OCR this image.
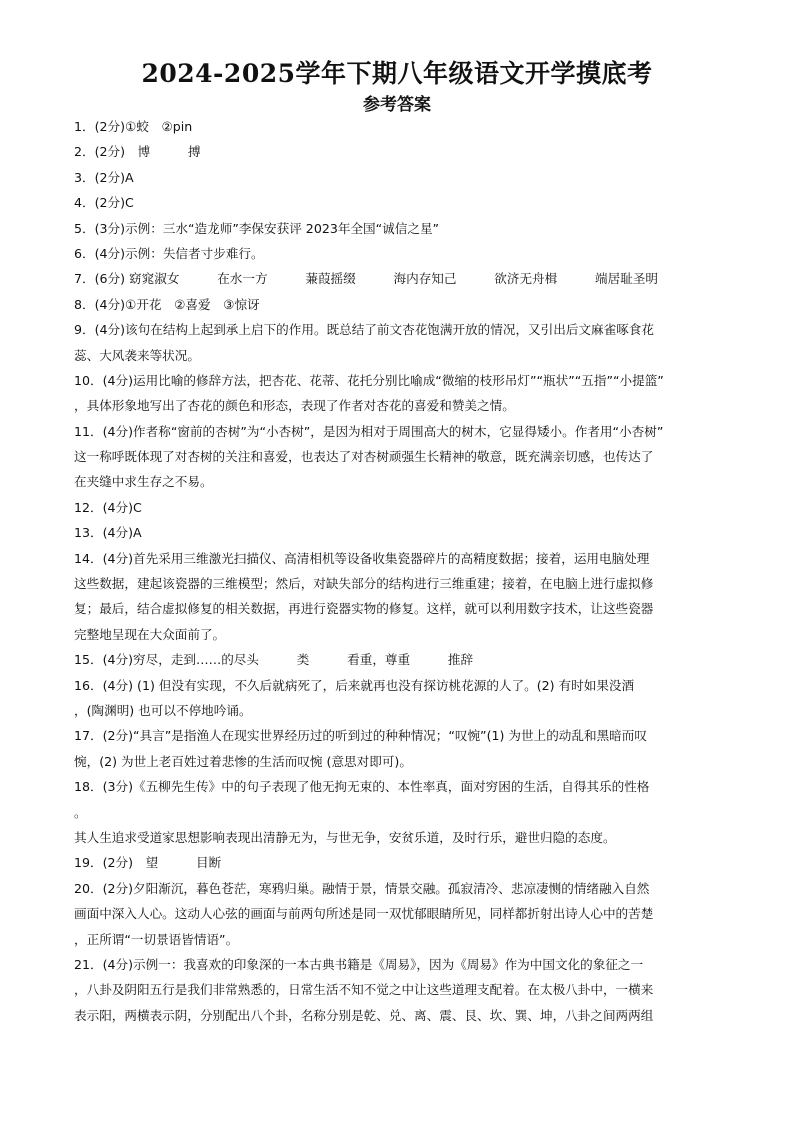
2024-2025学年下期八年级语文开学摸底考
参考答案
1．(2分)①蛟　②pin
2．(2分)　博　　　搏
3．(2分)A
4．(2分)C
5．(3分)示例：三水“造龙师”李保安获评 2023年全国“诚信之星”
6．(4分)示例：失信者寸步难行。
7．(6分) 窈窕淑女　　　在水一方　　　蒹葭摇缀　　　海内存知己　　　欲济无舟楫　　　端居耻圣明
8．(4分)①开花　②喜爱　③惊讶
9．(4分)该句在结构上起到承上启下的作用。既总结了前文杏花饱满开放的情况，又引出后文麻雀啄食花
蕊、大风袭来等状况。
10．(4分)运用比喻的修辞方法，把杏花、花蒂、花托分别比喻成“微缩的枝形吊灯”“瓶状”“五指”“小提篮”
，具体形象地写出了杏花的颜色和形态，表现了作者对杏花的喜爱和赞美之情。
11．(4分)作者称“窗前的杏树”为“小杏树”，是因为相对于周围高大的树木，它显得矮小。作者用“小杏树”
这一称呼既体现了对杏树的关注和喜爱，也表达了对杏树顽强生长精神的敬意，既充满亲切感，也传达了
在夹缝中求生存之不易。
12．(4分)C
13．(4分)A
14．(4分)首先采用三维激光扫描仪、高清相机等设备收集瓷器碎片的高精度数据；接着，运用电脑处理
这些数据，建起该瓷器的三维模型；然后，对缺失部分的结构进行三维重建；接着，在电脑上进行虚拟修
复；最后，结合虚拟修复的相关数据，再进行瓷器实物的修复。这样，就可以利用数字技术，让这些瓷器
完整地呈现在大众面前了。
15．(4分)穷尽，走到……的尽头　　　类　　　看重，尊重　　　推辞
16．(4分) (1) 但没有实现，不久后就病死了，后来就再也没有探访桃花源的人了。(2) 有时如果没酒
，(陶渊明) 也可以不停地吟诵。
17．(2分)“具言”是指渔人在现实世界经历过的听到过的种种情况；“叹惋”(1) 为世上的动乱和黑暗而叹
惋，(2) 为世上老百姓过着悲惨的生活而叹惋 (意思对即可)。
18．(3分)《五柳先生传》中的句子表现了他无拘无束的、本性率真，面对穷困的生活，自得其乐的性格
。
其人生追求受道家思想影响表现出清静无为，与世无争，安贫乐道，及时行乐，避世归隐的态度。
19．(2分)　望　　　目断
20．(2分)夕阳渐沉，暮色苍茫，寒鸦归巢。融情于景，情景交融。孤寂清冷、悲凉凄恻的情绪融入自然
画面中深入人心。这动人心弦的画面与前两句所述是同一双忧郁眼睛所见，同样都折射出诗人心中的苦楚
，正所谓“一切景语皆情语”。
21．(4分)示例一：我喜欢的印象深的一本古典书籍是《周易》，因为《周易》作为中国文化的象征之一
，八卦及阴阳五行是我们非常熟悉的，日常生活不知不觉之中让这些道理支配着。在太极八卦中，一横来
表示阳，两横表示阴，分别配出八个卦，名称分别是乾、兑、离、震、艮、坎、巽、坤，八卦之间两两组
